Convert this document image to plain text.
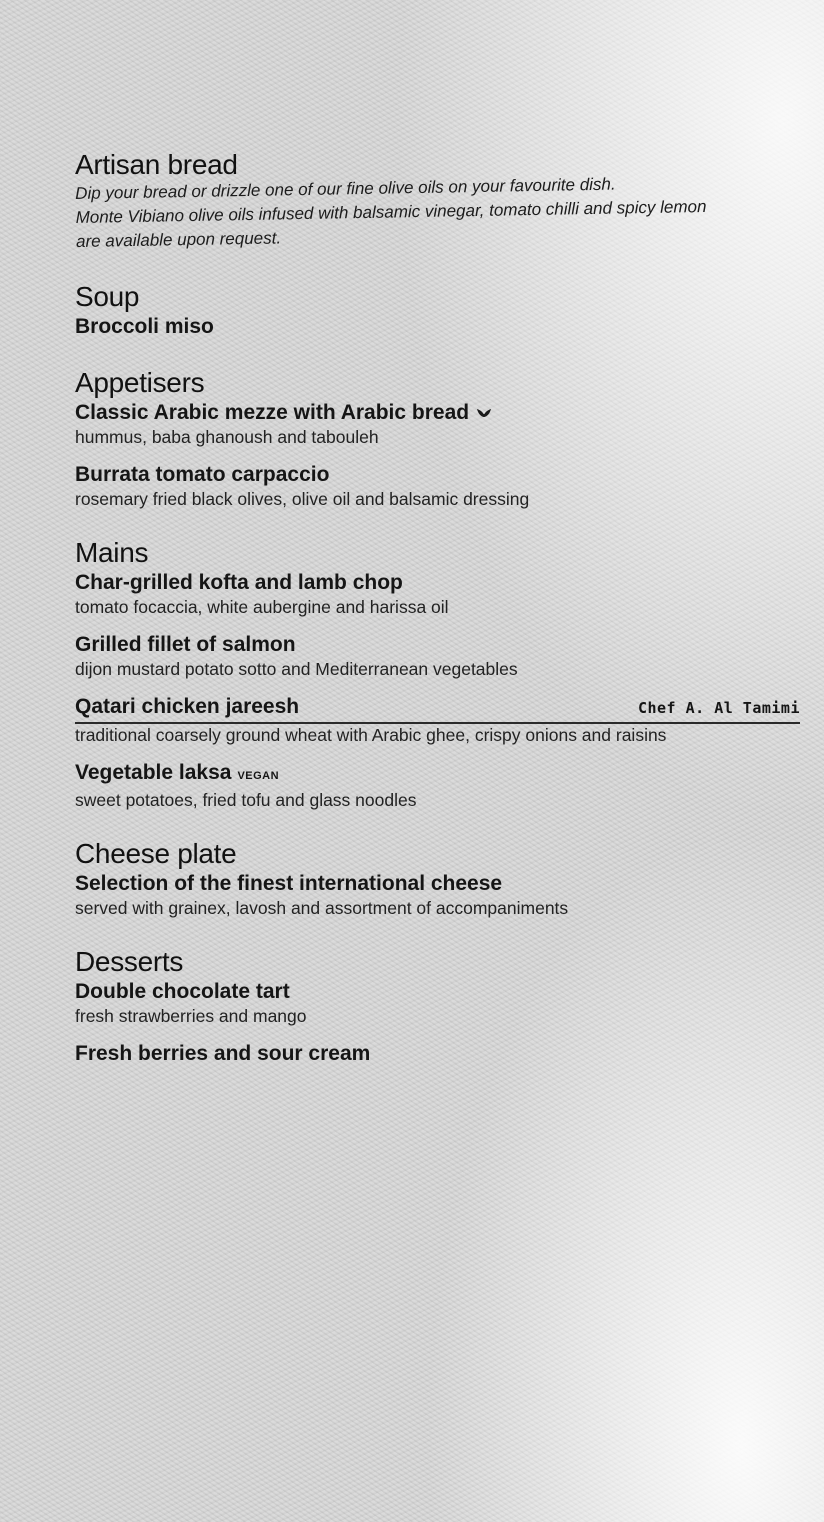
Artisan bread
Dip your bread or drizzle one of our fine olive oils on your favourite dish.
Monte Vibiano olive oils infused with balsamic vinegar, tomato chilli and spicy lemon
are available upon request.
Soup
Broccoli miso
Appetisers
Classic Arabic mezze with Arabic bread
hummus, baba ghanoush and tabouleh
Burrata tomato carpaccio
rosemary fried black olives, olive oil and balsamic dressing
Mains
Char-grilled kofta and lamb chop
tomato focaccia, white aubergine and harissa oil
Grilled fillet of salmon
dijon mustard potato sotto and Mediterranean vegetables
Qatari chicken jareesh	Chef A. Al Tamimi
traditional coarsely ground wheat with Arabic ghee, crispy onions and raisins
Vegetable laksa VEGAN
sweet potatoes, fried tofu and glass noodles
Cheese plate
Selection of the finest international cheese
served with grainex, lavosh and assortment of accompaniments
Desserts
Double chocolate tart
fresh strawberries and mango
Fresh berries and sour cream
